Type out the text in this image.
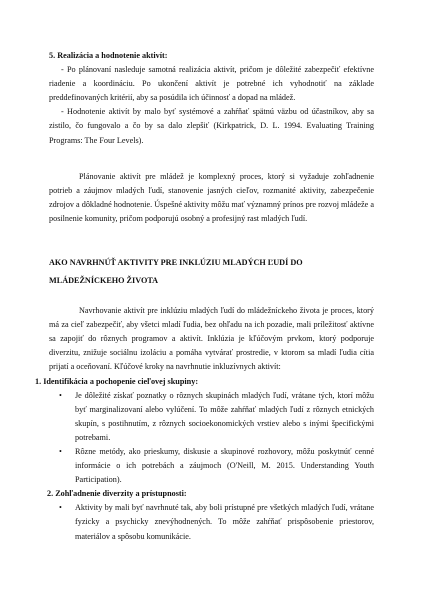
5. Realizácia a hodnotenie aktivít:

- Po plánovaní nasleduje samotná realizácia aktivít, pričom je dôležité zabezpečiť efektívne riadenie a koordináciu. Po ukončení aktivít je potrebné ich vyhodnotiť na základe preddefinovaných kritérií, aby sa posúdila ich účinnosť a dopad na mládež.

- Hodnotenie aktivít by malo byť systémové a zahŕňať spätnú väzbu od účastníkov, aby sa zistilo, čo fungovalo a čo by sa dalo zlepšiť (Kirkpatrick, D. L. 1994. Evaluating Training Programs: The Four Levels).

Plánovanie aktivít pre mládež je komplexný proces, ktorý si vyžaduje zohľadnenie potrieb a záujmov mladých ľudí, stanovenie jasných cieľov, rozmanité aktivity, zabezpečenie zdrojov a dôkladné hodnotenie. Úspešné aktivity môžu mať významný prínos pre rozvoj mládeže a posilnenie komunity, pričom podporujú osobný a profesijný rast mladých ľudí.

AKO NAVRHNÚŤ AKTIVITY PRE INKLÚZIU MLADÝCH ĽUDÍ DO MLÁDEŽNÍCKEHO ŽIVOTA

Navrhovanie aktivít pre inklúziu mladých ľudí do mládežníckeho života je proces, ktorý má za cieľ zabezpečiť, aby všetci mladí ľudia, bez ohľadu na ich pozadie, mali príležitosť aktívne sa zapojiť do rôznych programov a aktivít. Inklúzia je kľúčovým prvkom, ktorý podporuje diverzitu, znižuje sociálnu izoláciu a pomáha vytvárať prostredie, v ktorom sa mladí ľudia cítia prijatí a oceňovaní. Kľúčové kroky na navrhnutie inkluzívnych aktivít:

1. Identifikácia a pochopenie cieľovej skupiny:
• Je dôležité získať poznatky o rôznych skupinách mladých ľudí, vrátane tých, ktorí môžu byť marginalizovaní alebo vylúčení. To môže zahŕňať mladých ľudí z rôznych etnických skupín, s postihnutím, z rôznych socioekonomických vrstiev alebo s inými špecifickými potrebami.
• Rôzne metódy, ako prieskumy, diskusie a skupinové rozhovory, môžu poskytnúť cenné informácie o ich potrebách a záujmoch (O'Neill, M. 2015. Understanding Youth Participation).
2. Zohľadnenie diverzity a prístupnosti:
• Aktivity by mali byť navrhnuté tak, aby boli prístupné pre všetkých mladých ľudí, vrátane fyzicky a psychicky znevýhodnených. To môže zahŕňať prispôsobenie priestorov, materiálov a spôsobu komunikácie.
